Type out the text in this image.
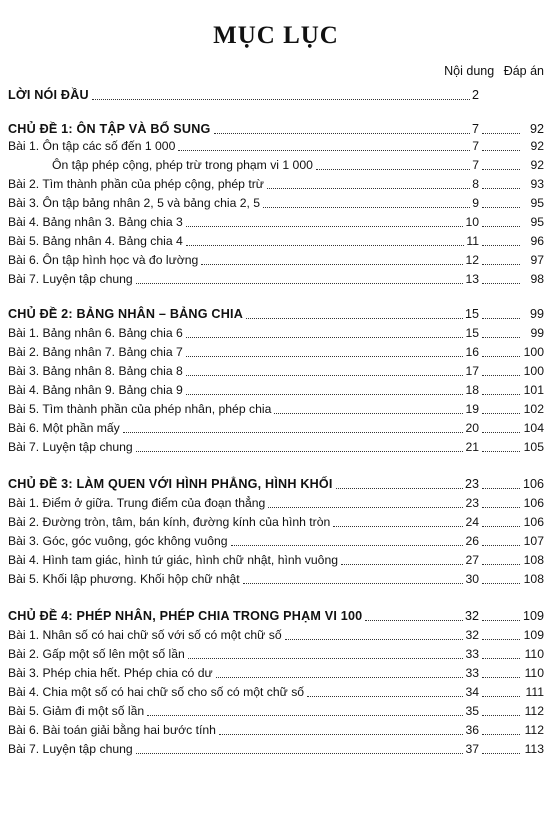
MỤC LỤC
Nội dung Đáp án
LỜI NÓI ĐẦU	2
CHỦ ĐỀ 1: ÔN TẬP VÀ BỔ SUNG	7	92
Bài 1. Ôn tập các số đến 1 000	7	92
Ôn tập phép cộng, phép trừ trong phạm vi 1 000	7	92
Bài 2. Tìm thành phần của phép cộng, phép trừ	8	93
Bài 3. Ôn tập bảng nhân 2, 5 và bảng chia 2, 5	9	95
Bài 4. Bảng nhân 3. Bảng chia 3	10	95
Bài 5. Bảng nhân 4. Bảng chia 4	11	96
Bài 6. Ôn tập hình học và đo lường	12	97
Bài 7. Luyện tập chung	13	98
CHỦ ĐỀ 2: BẢNG NHÂN – BẢNG CHIA	15	99
Bài 1. Bảng nhân 6. Bảng chia 6	15	99
Bài 2. Bảng nhân 7. Bảng chia 7	16	100
Bài 3. Bảng nhân 8. Bảng chia 8	17	100
Bài 4. Bảng nhân 9. Bảng chia 9	18	101
Bài 5. Tìm thành phần của phép nhân, phép chia	19	102
Bài 6. Một phần mấy	20	104
Bài 7. Luyện tập chung	21	105
CHỦ ĐỀ 3: LÀM QUEN VỚI HÌNH PHẲNG, HÌNH KHỐI	23	106
Bài 1. Điểm ở giữa. Trung điểm của đoạn thẳng	23	106
Bài 2. Đường tròn, tâm, bán kính, đường kính của hình tròn	24	106
Bài 3. Góc, góc vuông, góc không vuông	26	107
Bài 4. Hình tam giác, hình tứ giác, hình chữ nhật, hình vuông	27	108
Bài 5. Khối lập phương. Khối hộp chữ nhật	30	108
CHỦ ĐỀ 4: PHÉP NHÂN, PHÉP CHIA TRONG PHẠM VI 100	32	109
Bài 1. Nhân số có hai chữ số với số có một chữ số	32	109
Bài 2. Gấp một số lên một số lần	33	110
Bài 3. Phép chia hết. Phép chia có dư	33	110
Bài 4. Chia một số có hai chữ số cho số có một chữ số	34	111
Bài 5. Giảm đi một số lần	35	112
Bài 6. Bài toán giải bằng hai bước tính	36	112
Bài 7. Luyện tập chung	37	113
